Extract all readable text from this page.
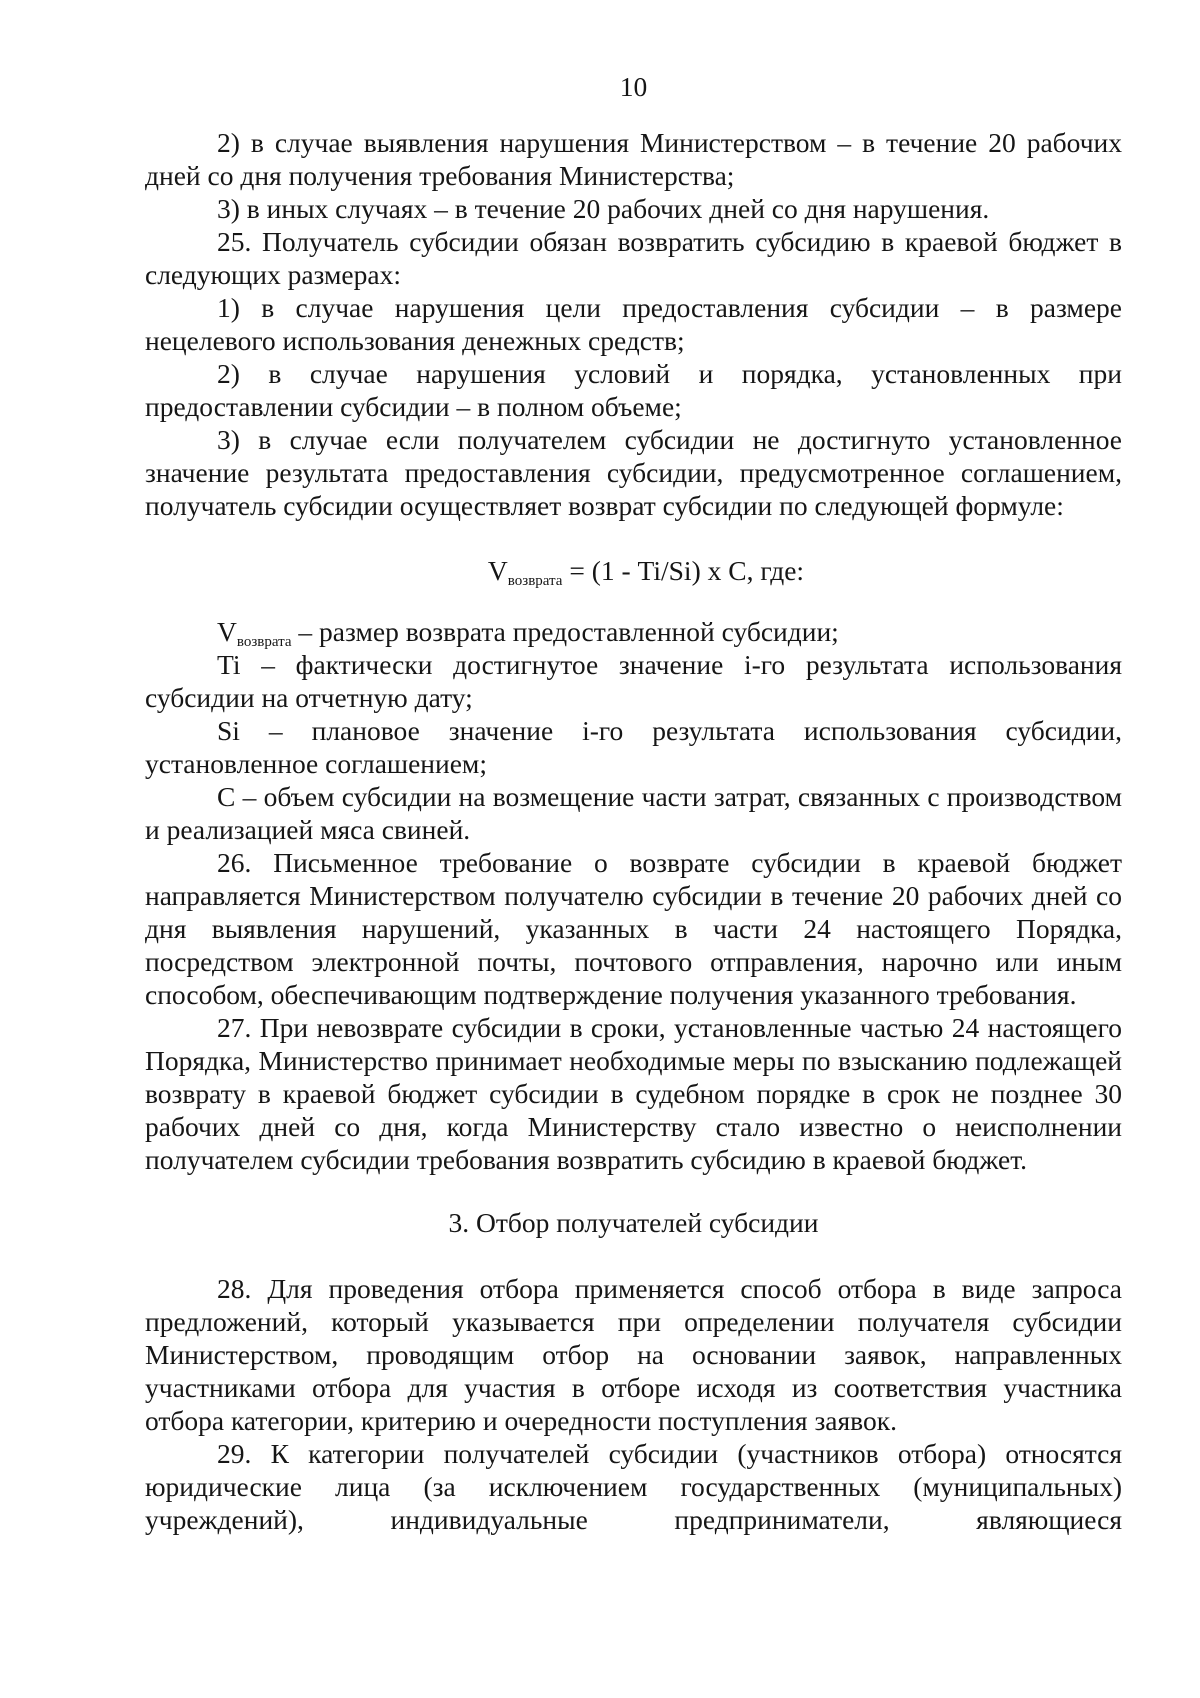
10
2) в случае выявления нарушения Министерством – в течение 20 рабочих дней со дня получения требования Министерства;
3) в иных случаях – в течение 20 рабочих дней со дня нарушения.
25. Получатель субсидии обязан возвратить субсидию в краевой бюджет в следующих размерах:
1) в случае нарушения цели предоставления субсидии – в размере нецелевого использования денежных средств;
2) в случае нарушения условий и порядка, установленных при предоставлении субсидии – в полном объеме;
3) в случае если получателем субсидии не достигнуто установленное значение результата предоставления субсидии, предусмотренное соглашением, получатель субсидии осуществляет возврат субсидии по следующей формуле:
$V_{возврата} = (1 - Ti/Si)$ х С, где:
$V_{возврата}$ – размер возврата предоставленной субсидии;
Ti – фактически достигнутое значение i-го результата использования субсидии на отчетную дату;
Si – плановое значение i-го результата использования субсидии, установленное соглашением;
С – объем субсидии на возмещение части затрат, связанных с производством и реализацией мяса свиней.
26. Письменное требование о возврате субсидии в краевой бюджет направляется Министерством получателю субсидии в течение 20 рабочих дней со дня выявления нарушений, указанных в части 24 настоящего Порядка, посредством электронной почты, почтового отправления, нарочно или иным способом, обеспечивающим подтверждение получения указанного требования.
27. При невозврате субсидии в сроки, установленные частью 24 настоящего Порядка, Министерство принимает необходимые меры по взысканию подлежащей возврату в краевой бюджет субсидии в судебном порядке в срок не позднее 30 рабочих дней со дня, когда Министерству стало известно о неисполнении получателем субсидии требования возвратить субсидию в краевой бюджет.
3. Отбор получателей субсидии
28. Для проведения отбора применяется способ отбора в виде запроса предложений, который указывается при определении получателя субсидии Министерством, проводящим отбор на основании заявок, направленных участниками отбора для участия в отборе исходя из соответствия участника отбора категории, критерию и очередности поступления заявок.
29. К категории получателей субсидии (участников отбора) относятся юридические лица (за исключением государственных (муниципальных) учреждений), индивидуальные предприниматели, являющиеся
